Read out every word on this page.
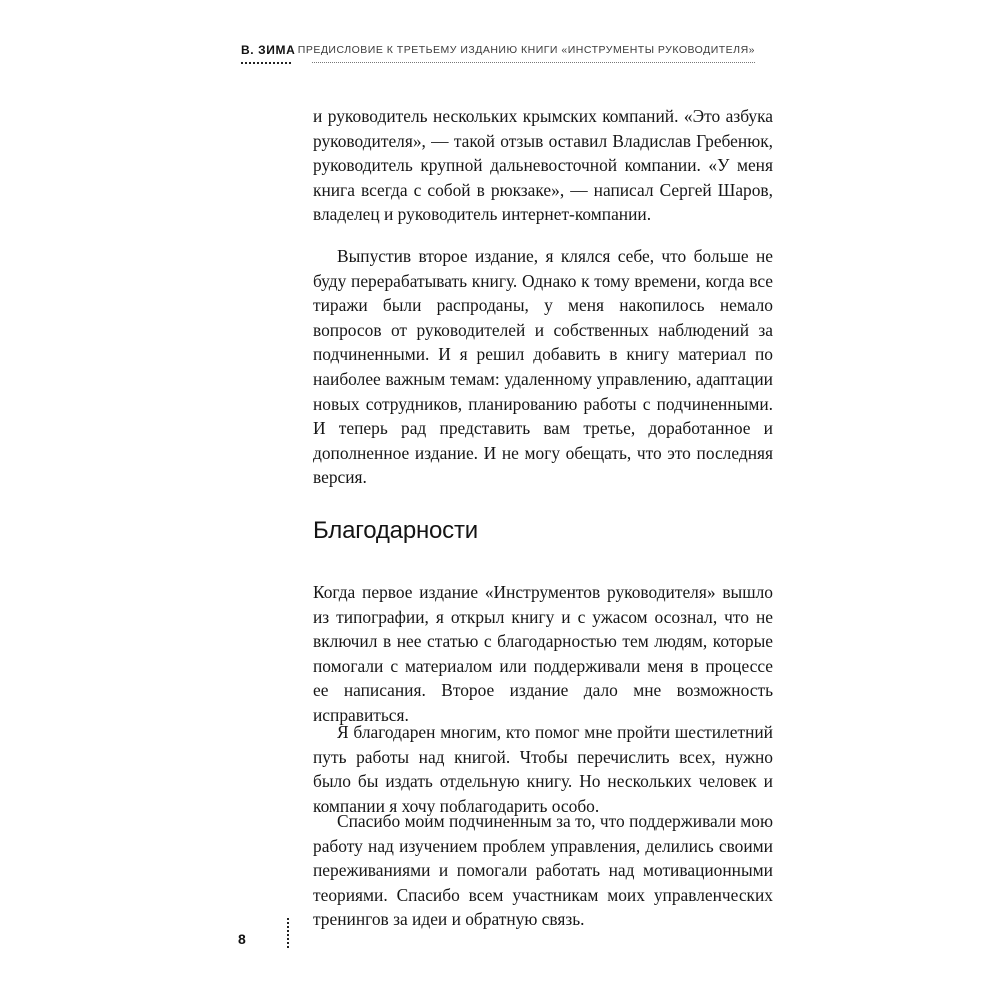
В. ЗИМА ПРЕДИСЛОВИЕ К ТРЕТЬЕМУ ИЗДАНИЮ КНИГИ «ИНСТРУМЕНТЫ РУКОВОДИТЕЛЯ»

и руководитель нескольких крымских компаний. «Это азбука руководителя», — такой отзыв оставил Владислав Гребенюк, руководитель крупной дальневосточной компании. «У меня книга всегда с собой в рюкзаке», — написал Сергей Шаров, владелец и руководитель интернет-компании.

Выпустив второе издание, я клялся себе, что больше не буду перерабатывать книгу. Однако к тому времени, когда все тиражи были распроданы, у меня накопилось немало вопросов от руководителей и собственных наблюдений за подчиненными. И я решил добавить в книгу материал по наиболее важным темам: удаленному управлению, адаптации новых сотрудников, планированию работы с подчиненными. И теперь рад представить вам третье, доработанное и дополненное издание. И не могу обещать, что это последняя версия.

Благодарности

Когда первое издание «Инструментов руководителя» вышло из типографии, я открыл книгу и с ужасом осознал, что не включил в нее статью с благодарностью тем людям, которые помогали с материалом или поддерживали меня в процессе ее написания. Второе издание дало мне возможность исправиться.

Я благодарен многим, кто помог мне пройти шестилетний путь работы над книгой. Чтобы перечислить всех, нужно было бы издать отдельную книгу. Но нескольких человек и компании я хочу поблагодарить особо.

Спасибо моим подчиненным за то, что поддерживали мою работу над изучением проблем управления, делились своими переживаниями и помогали работать над мотивационными теориями. Спасибо всем участникам моих управленческих тренингов за идеи и обратную связь.

8
